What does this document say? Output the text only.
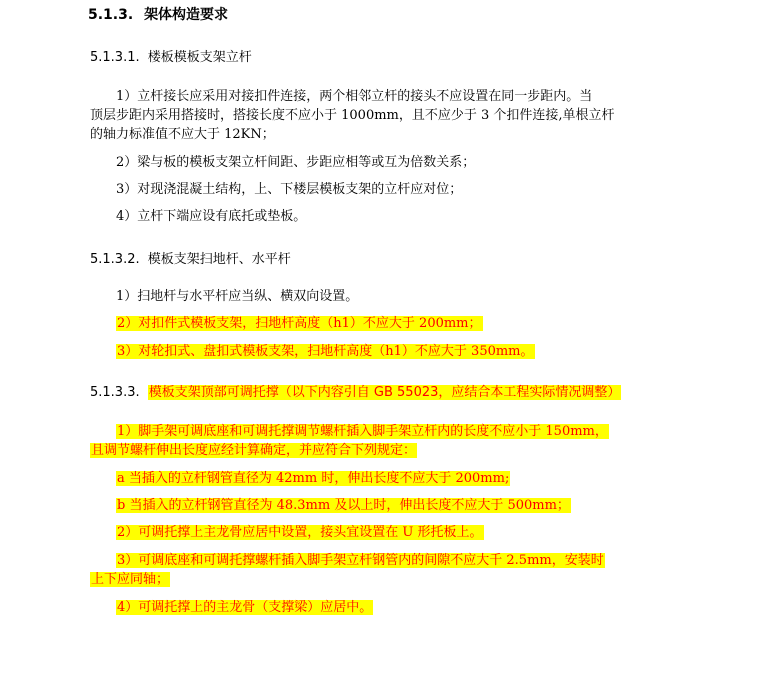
5.1.3. 架体构造要求
5.1.3.1. 楼板模板支架立杆
1）立杆接长应采用对接扣件连接，两个相邻立杆的接头不应设置在同一步距内。当
顶层步距内采用搭接时，搭接长度不应小于 1000mm，且不应少于 3 个扣件连接,单根立杆
的轴力标准值不应大于 12KN；
2）梁与板的模板支架立杆间距、步距应相等或互为倍数关系；
3）对现浇混凝土结构，上、下楼层模板支架的立杆应对位；
4）立杆下端应设有底托或垫板。
5.1.3.2. 模板支架扫地杆、水平杆
1）扫地杆与水平杆应当纵、横双向设置。
2）对扣件式模板支架，扫地杆高度（h1）不应大于 200mm；
3）对轮扣式、盘扣式模板支架，扫地杆高度（h1）不应大于 350mm。
5.1.3.3. 模板支架顶部可调托撑（以下内容引自 GB 55023，应结合本工程实际情况调整）
1）脚手架可调底座和可调托撑调节螺杆插入脚手架立杆内的长度不应小于 150mm，
且调节螺杆伸出长度应经计算确定，并应符合下列规定：
a 当插入的立杆钢管直径为 42mm 时，伸出长度不应大于 200mm;
b 当插入的立杆钢管直径为 48.3mm 及以上时，伸出长度不应大于 500mm；
2）可调托撑上主龙骨应居中设置，接头宜设置在 U 形托板上。
3）可调底座和可调托撑螺杆插入脚手架立杆钢管内的间隙不应大千 2.5mm，安装时
上下应同轴；
4）可调托撑上的主龙骨（支撑梁）应居中。
